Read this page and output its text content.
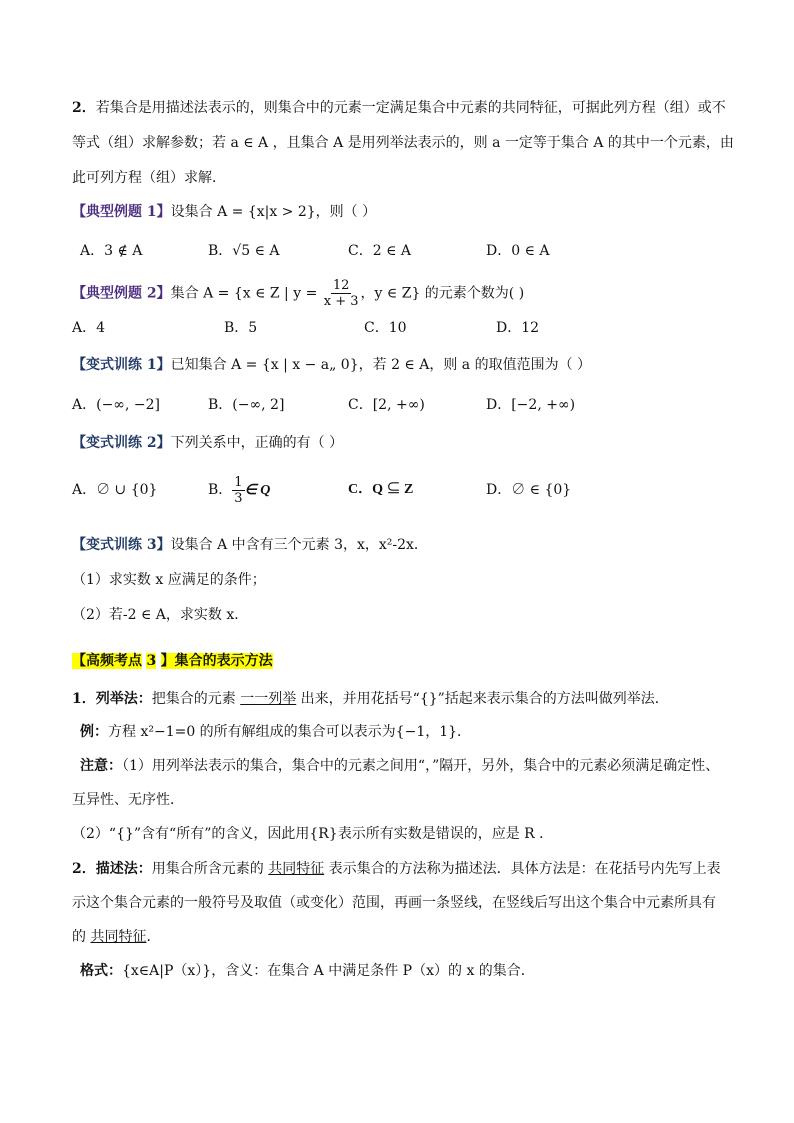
2．若集合是用描述法表示的，则集合中的元素一定满足集合中元素的共同特征，可据此列方程（组）或不
等式（组）求解参数；若 a ∈ A ，且集合 A 是用列举法表示的，则 a 一定等于集合 A 的其中一个元素，由
此可列方程（组）求解．
【典型例题 1】设集合 A = {x|x > 2}，则（ ）
A．3 ∉ A	B．√5 ∈ A	C．2 ∈ A	D．0 ∈ A
【典型例题 2】集合 A = {x ∈ Z | $y = \frac{12}{x + 3}$ ，y ∈ Z} 的元素个数为( )
A．4	B．5	C．10	D．12
【变式训练 1】已知集合 A = {x | x − a„ 0}，若 2 ∈ A，则 a 的取值范围为（ ）
A．(−∞, −2]	B．(−∞, 2]	C．[2, +∞)	D．[−2, +∞)
【变式训练 2】下列关系中，正确的有（ ）
A．∅ ∪ {0}	B． $\frac{1}{3}$ ∈ Q	C．Q ⊆ Z	D．∅ ∈ {0}
【变式训练 3】设集合 A 中含有三个元素 3，x，x²-2x．
（1）求实数 x 应满足的条件；
（2）若-2 ∈ A，求实数 x．
【高频考点 3 】集合的表示方法
1．列举法：把集合的元素 一一列举 出来，并用花括号“{}”括起来表示集合的方法叫做列举法．
例：方程 x²−1=0 的所有解组成的集合可以表示为{−1，1}．
注意：（1）用列举法表示的集合，集合中的元素之间用“，”隔开，另外，集合中的元素必须满足确定性、
互异性、无序性．
（2）“{}”含有“所有”的含义，因此用{R}表示所有实数是错误的，应是 R ．
2．描述法：用集合所含元素的 共同特征 表示集合的方法称为描述法．具体方法是：在花括号内先写上表
示这个集合元素的一般符号及取值（或变化）范围，再画一条竖线，在竖线后写出这个集合中元素所具有
的 共同特征．
格式：{x∈A|P（x）}，含义：在集合 A 中满足条件 P（x）的 x 的集合．
